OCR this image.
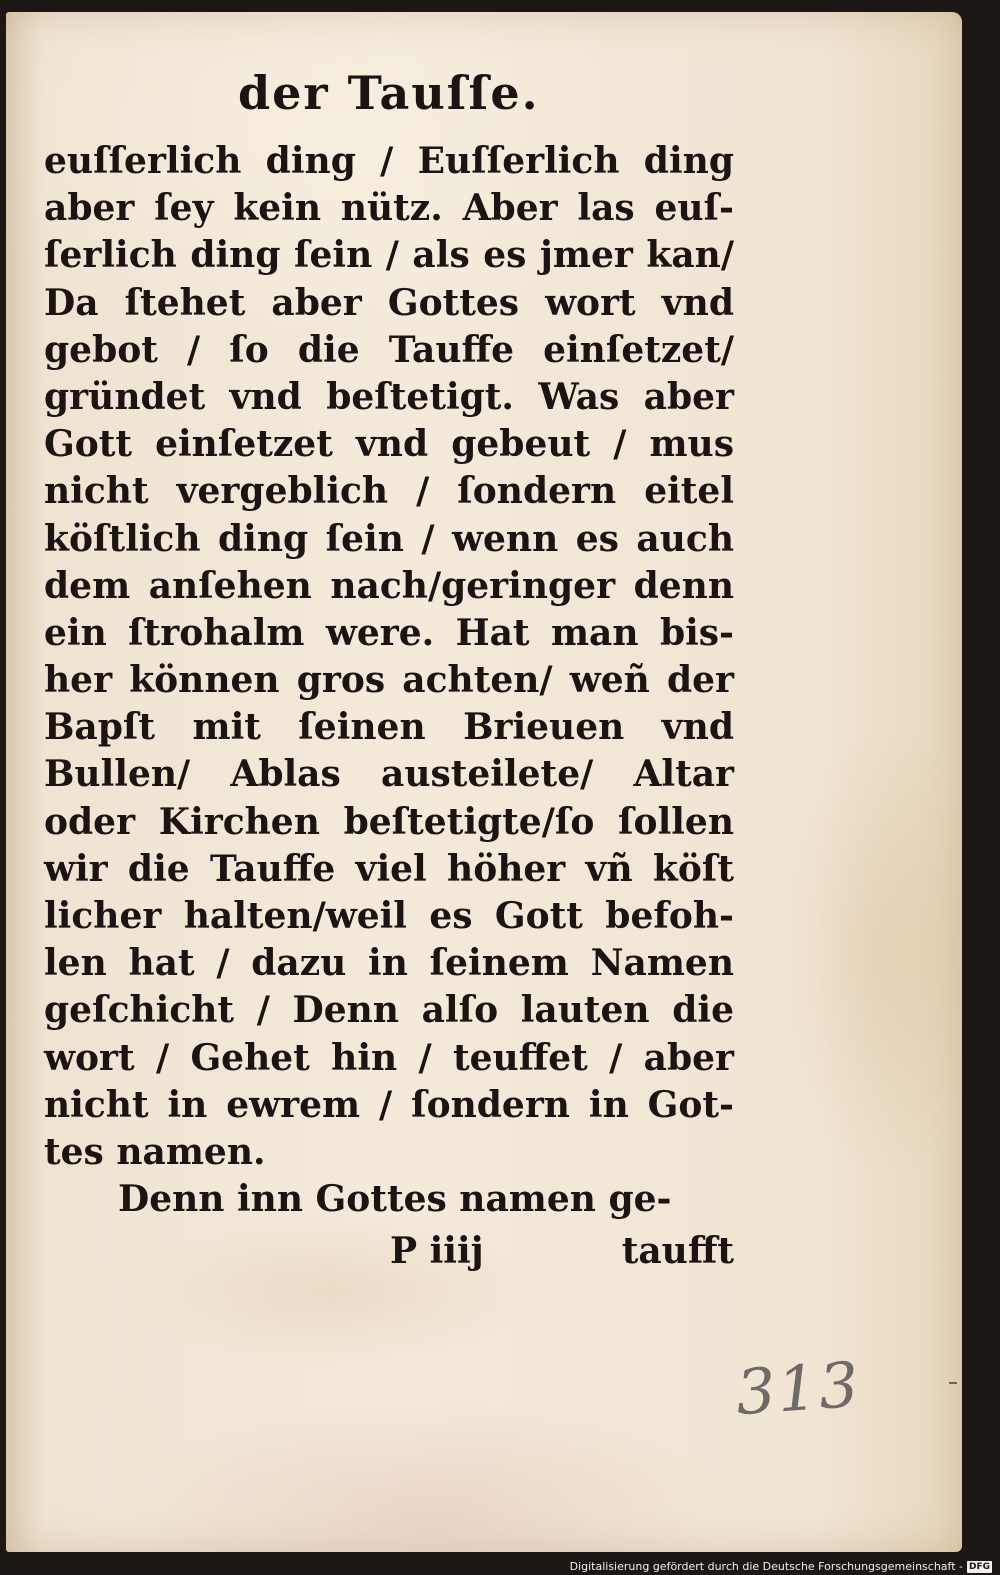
der Tauſſe.
euſſerlich ding / Euſſerlich ding
aber ſey kein nütz. Aber las euſ-
ſerlich ding ſein / als es jmer kan/
Da ſtehet aber Gottes wort vnd
gebot / ſo die Tauffe einſetzet/
gründet vnd beſtetigt. Was aber
Gott einſetzet vnd gebeut / mus
nicht vergeblich / ſondern eitel
köſtlich ding ſein / wenn es auch
dem anſehen nach/geringer denn
ein ſtrohalm were. Hat man bis-
her können gros achten/ weñ der
Bapſt mit ſeinen Brieuen vnd
Bullen/ Ablas austeilete/ Altar
oder Kirchen beſtetigte/ſo ſollen
wir die Tauffe viel höher vñ köſt
licher halten/weil es Gott befoh-
len hat / dazu in ſeinem Namen
geſchicht / Denn alſo lauten die
wort / Gehet hin / teuffet / aber
nicht in ewrem / ſondern in Got-
tes namen.
Denn inn Gottes namen ge-
P iiij	taufft
313
Digitalisierung gefördert durch die Deutsche Forschungsgemeinschaft - DFG
